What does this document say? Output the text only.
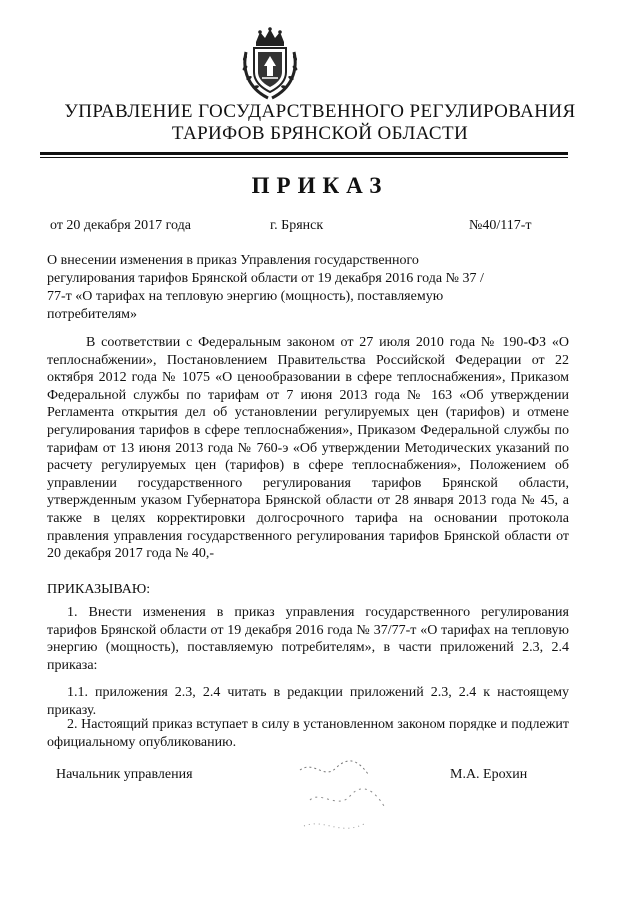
УПРАВЛЕНИЕ ГОСУДАРСТВЕННОГО РЕГУЛИРОВАНИЯ
ТАРИФОВ БРЯНСКОЙ ОБЛАСТИ
ПРИКАЗ
от 20 декабря 2017 года	г. Брянск	№40/117-т
О внесении изменения в приказ Управления государственного регулирования тарифов Брянской области от 19 декабря 2016 года № 37 / 77-т «О тарифах на тепловую энергию (мощность), поставляемую потребителям»
В соответствии с Федеральным законом от 27 июля 2010 года № 190-ФЗ «О теплоснабжении», Постановлением Правительства Российской Федерации от 22 октября 2012 года № 1075 «О ценообразовании в сфере теплоснабжения», Приказом Федеральной службы по тарифам от 7 июня 2013 года № 163 «Об утверждении Регламента открытия дел об установлении регулируемых цен (тарифов) и отмене регулирования тарифов в сфере теплоснабжения», Приказом Федеральной службы по тарифам от 13 июня 2013 года № 760-э «Об утверждении Методических указаний по расчету регулируемых цен (тарифов) в сфере теплоснабжения», Положением об управлении государственного регулирования тарифов Брянской области, утвержденным указом Губернатора Брянской области от 28 января 2013 года № 45, а также в целях корректировки долгосрочного тарифа на основании протокола правления управления государственного регулирования тарифов Брянской области от 20 декабря 2017 года № 40,-
ПРИКАЗЫВАЮ:
1. Внести изменения в приказ управления государственного регулирования тарифов Брянской области от 19 декабря 2016 года № 37/77-т «О тарифах на тепловую энергию (мощность), поставляемую потребителям», в части приложений 2.3, 2.4 приказа:
1.1. приложения 2.3, 2.4 читать в редакции приложений 2.3, 2.4 к настоящему приказу.
2. Настоящий приказ вступает в силу в установленном законом порядке и подлежит официальному опубликованию.
Начальник управления	М.А. Ерохин
